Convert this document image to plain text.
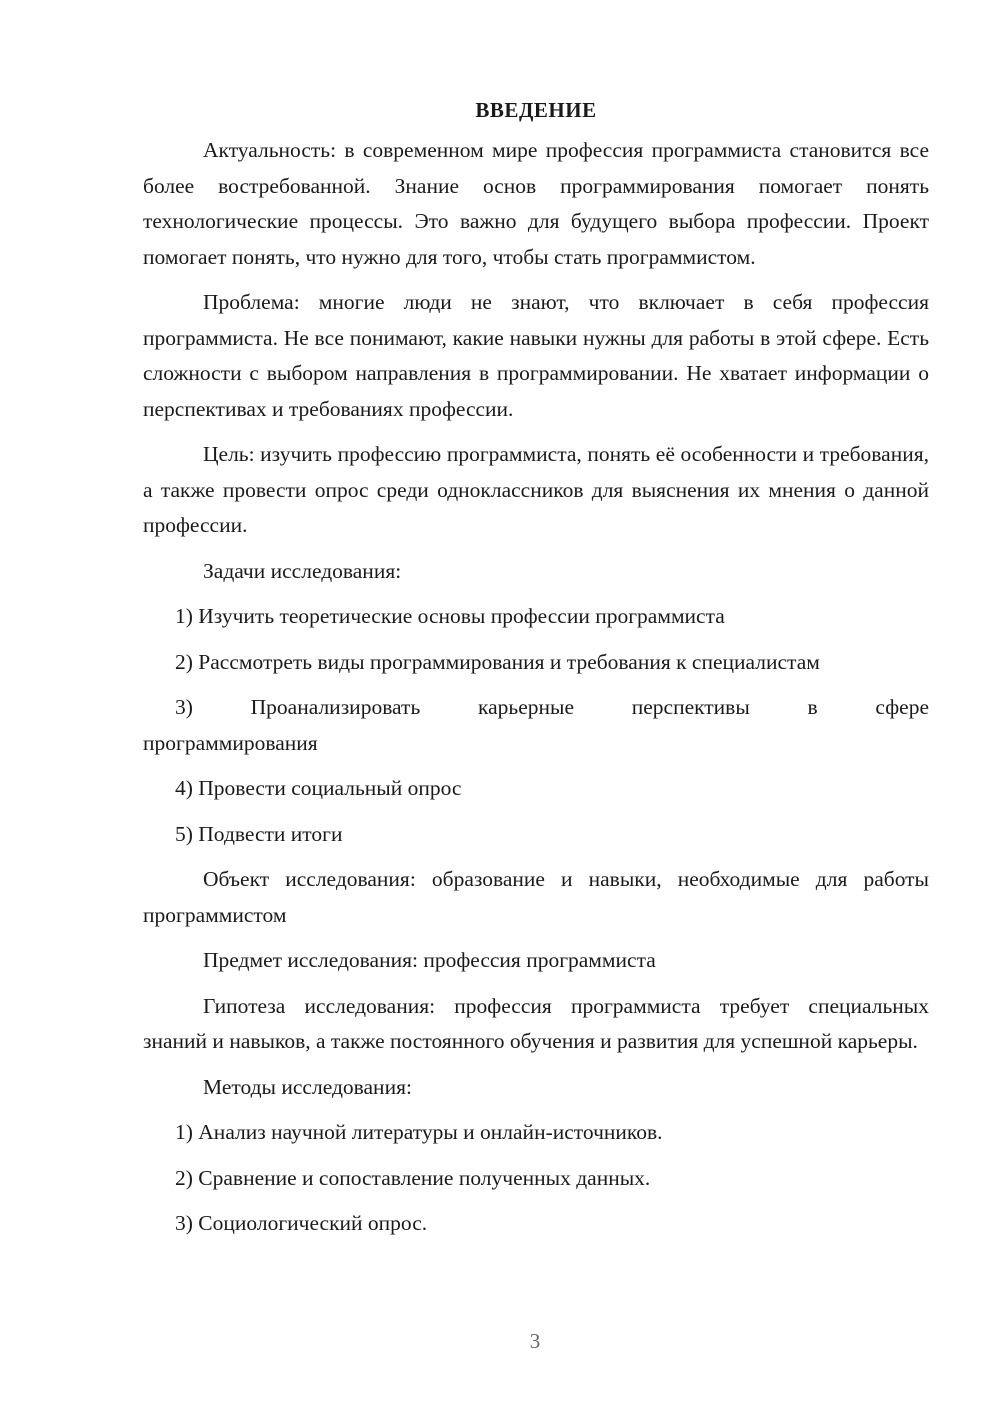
ВВЕДЕНИЕ

Актуальность: в современном мире профессия программиста становится все более востребованной. Знание основ программирования помогает понять технологические процессы. Это важно для будущего выбора профессии. Проект помогает понять, что нужно для того, чтобы стать программистом.

Проблема: многие люди не знают, что включает в себя профессия программиста. Не все понимают, какие навыки нужны для работы в этой сфере. Есть сложности с выбором направления в программировании. Не хватает информации о перспективах и требованиях профессии.

Цель: изучить профессию программиста, понять её особенности и требования, а также провести опрос среди одноклассников для выяснения их мнения о данной профессии.

Задачи исследования:

1) Изучить теоретические основы профессии программиста

2) Рассмотреть виды программирования и требования к специалистам

3) Проанализировать карьерные перспективы в сфере программирования

4) Провести социальный опрос

5) Подвести итоги

Объект исследования: образование и навыки, необходимые для работы программистом

Предмет исследования: профессия программиста

Гипотеза исследования: профессия программиста требует специальных знаний и навыков, а также постоянного обучения и развития для успешной карьеры.

Методы исследования:

1) Анализ научной литературы и онлайн-источников.

2) Сравнение и сопоставление полученных данных.

3) Социологический опрос.

3
